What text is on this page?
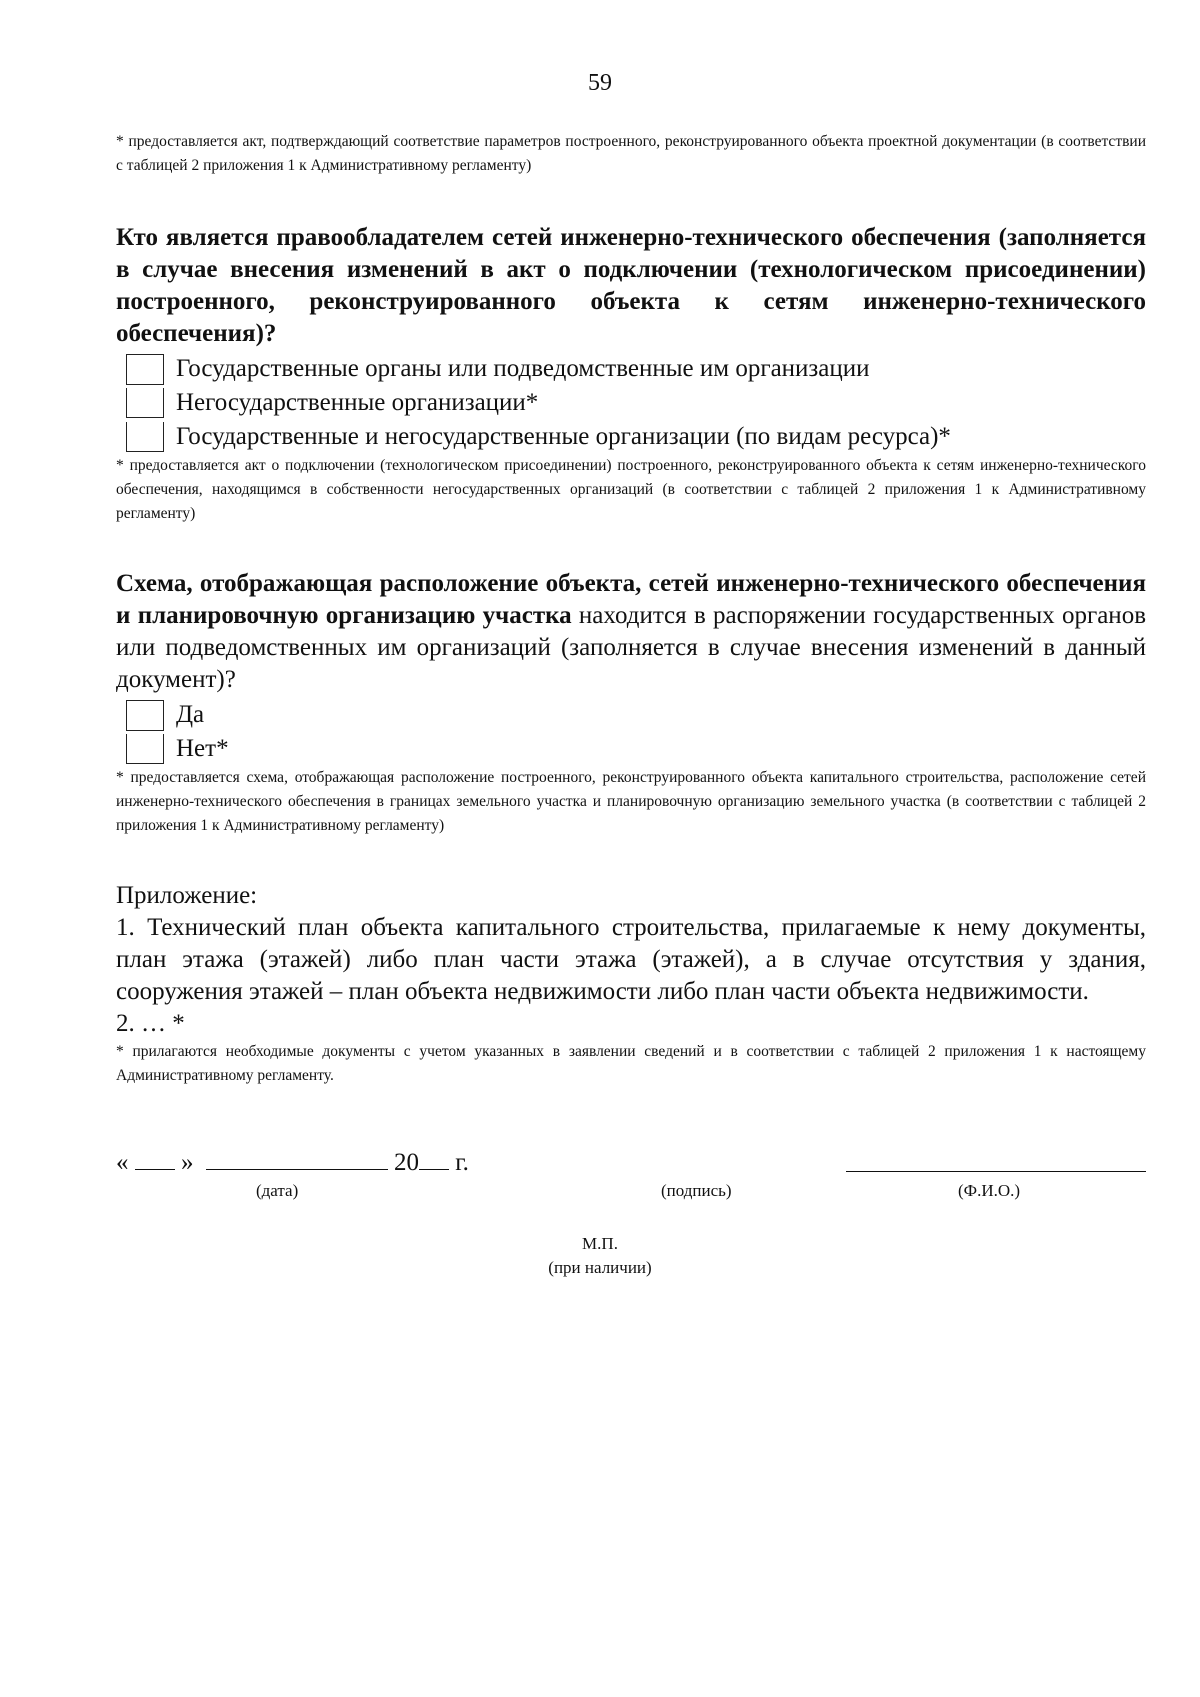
59
* предоставляется акт, подтверждающий соответствие параметров построенного, реконструированного объекта проектной документации (в соответствии с таблицей 2 приложения 1 к Административному регламенту)
Кто является правообладателем сетей инженерно-технического обеспечения (заполняется в случае внесения изменений в акт о подключении (технологическом присоединении) построенного, реконструированного объекта к сетям инженерно-технического обеспечения)?
Государственные органы или подведомственные им организации
Негосударственные организации*
Государственные и негосударственные организации (по видам ресурса)*
* предоставляется акт о подключении (технологическом присоединении) построенного, реконструированного объекта к сетям инженерно-технического обеспечения, находящимся в собственности негосударственных организаций (в соответствии с таблицей 2 приложения 1 к Административному регламенту)
Схема, отображающая расположение объекта, сетей инженерно-технического обеспечения и планировочную организацию участка находится в распоряжении государственных органов или подведомственных им организаций (заполняется в случае внесения изменений в данный документ)?
Да
Нет*
* предоставляется схема, отображающая расположение построенного, реконструированного объекта капитального строительства, расположение сетей инженерно-технического обеспечения в границах земельного участка и планировочную организацию земельного участка (в соответствии с таблицей 2 приложения 1 к Административному регламенту)

Приложение:

1. Технический план объекта капитального строительства, прилагаемые к нему документы, план этажа (этажей) либо план части этажа (этажей), а в случае отсутствия у здания, сооружения этажей – план объекта недвижимости либо план части объекта недвижимости.

2. … *

* прилагаются необходимые документы с учетом указанных в заявлении сведений и в соответствии с таблицей 2 приложения 1 к настоящему Административному регламенту.
« »	20 г.
(дата)	(подпись)	(Ф.И.О.)
М.П.
(при наличии)
